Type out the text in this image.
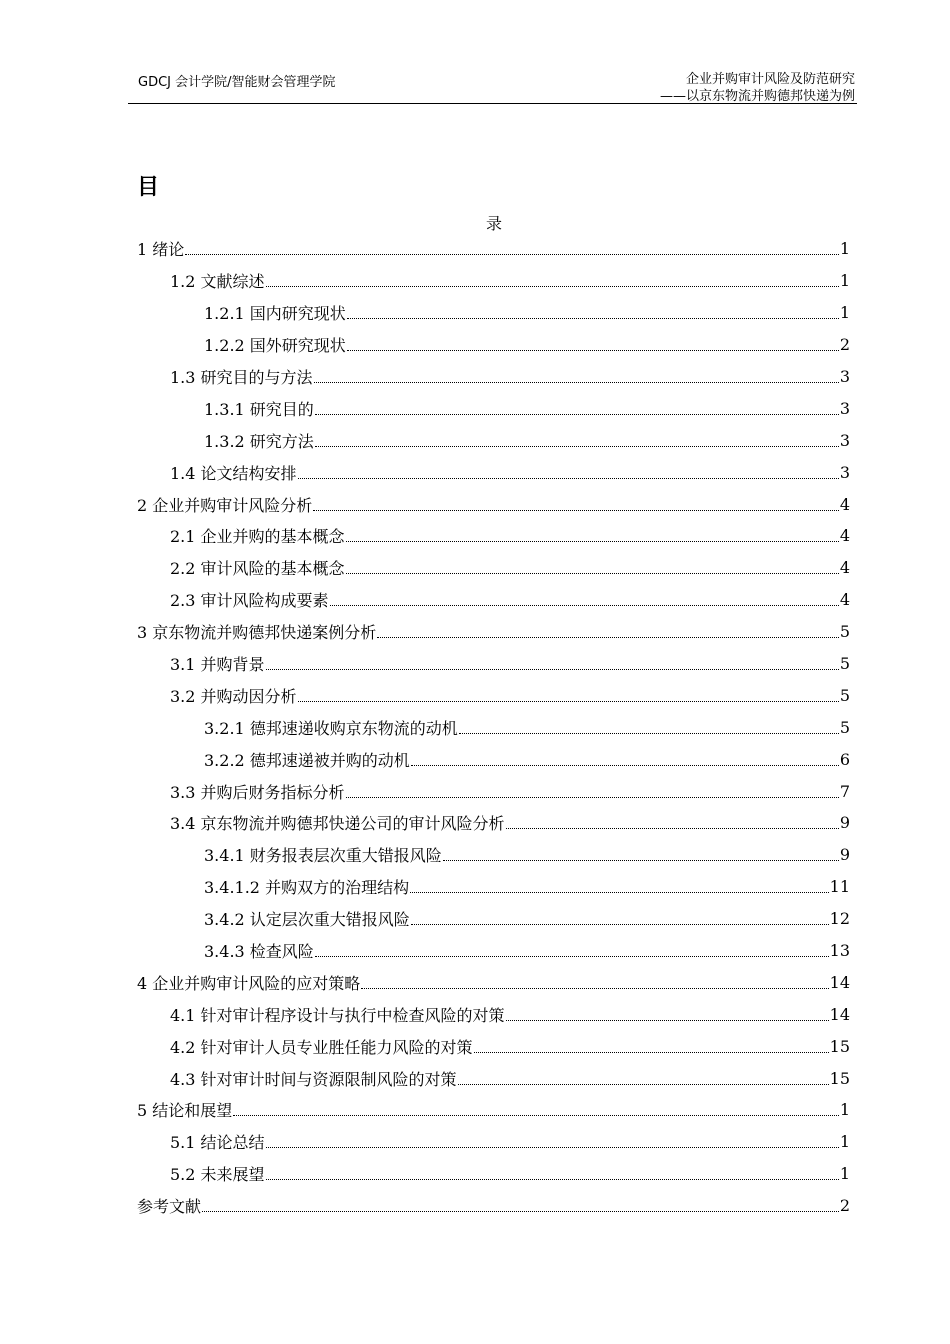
GDCJ 会计学院/智能财会管理学院	企业并购审计风险及防范研究
——以京东物流并购德邦快递为例
目
录
1 绪论	1
1.2 文献综述	1
1.2.1 国内研究现状	1
1.2.2 国外研究现状	2
1.3 研究目的与方法	3
1.3.1 研究目的	3
1.3.2 研究方法	3
1.4 论文结构安排	3
2 企业并购审计风险分析	4
2.1 企业并购的基本概念	4
2.2 审计风险的基本概念	4
2.3 审计风险构成要素	4
3 京东物流并购德邦快递案例分析	5
3.1 并购背景	5
3.2 并购动因分析	5
3.2.1 德邦速递收购京东物流的动机	5
3.2.2 德邦速递被并购的动机	6
3.3 并购后财务指标分析	7
3.4 京东物流并购德邦快递公司的审计风险分析	9
3.4.1 财务报表层次重大错报风险	9
3.4.1.2 并购双方的治理结构	11
3.4.2 认定层次重大错报风险	12
3.4.3 检查风险	13
4 企业并购审计风险的应对策略	14
4.1 针对审计程序设计与执行中检查风险的对策	14
4.2 针对审计人员专业胜任能力风险的对策	15
4.3 针对审计时间与资源限制风险的对策	15
5 结论和展望	1
5.1 结论总结	1
5.2 未来展望	1
参考文献	2
